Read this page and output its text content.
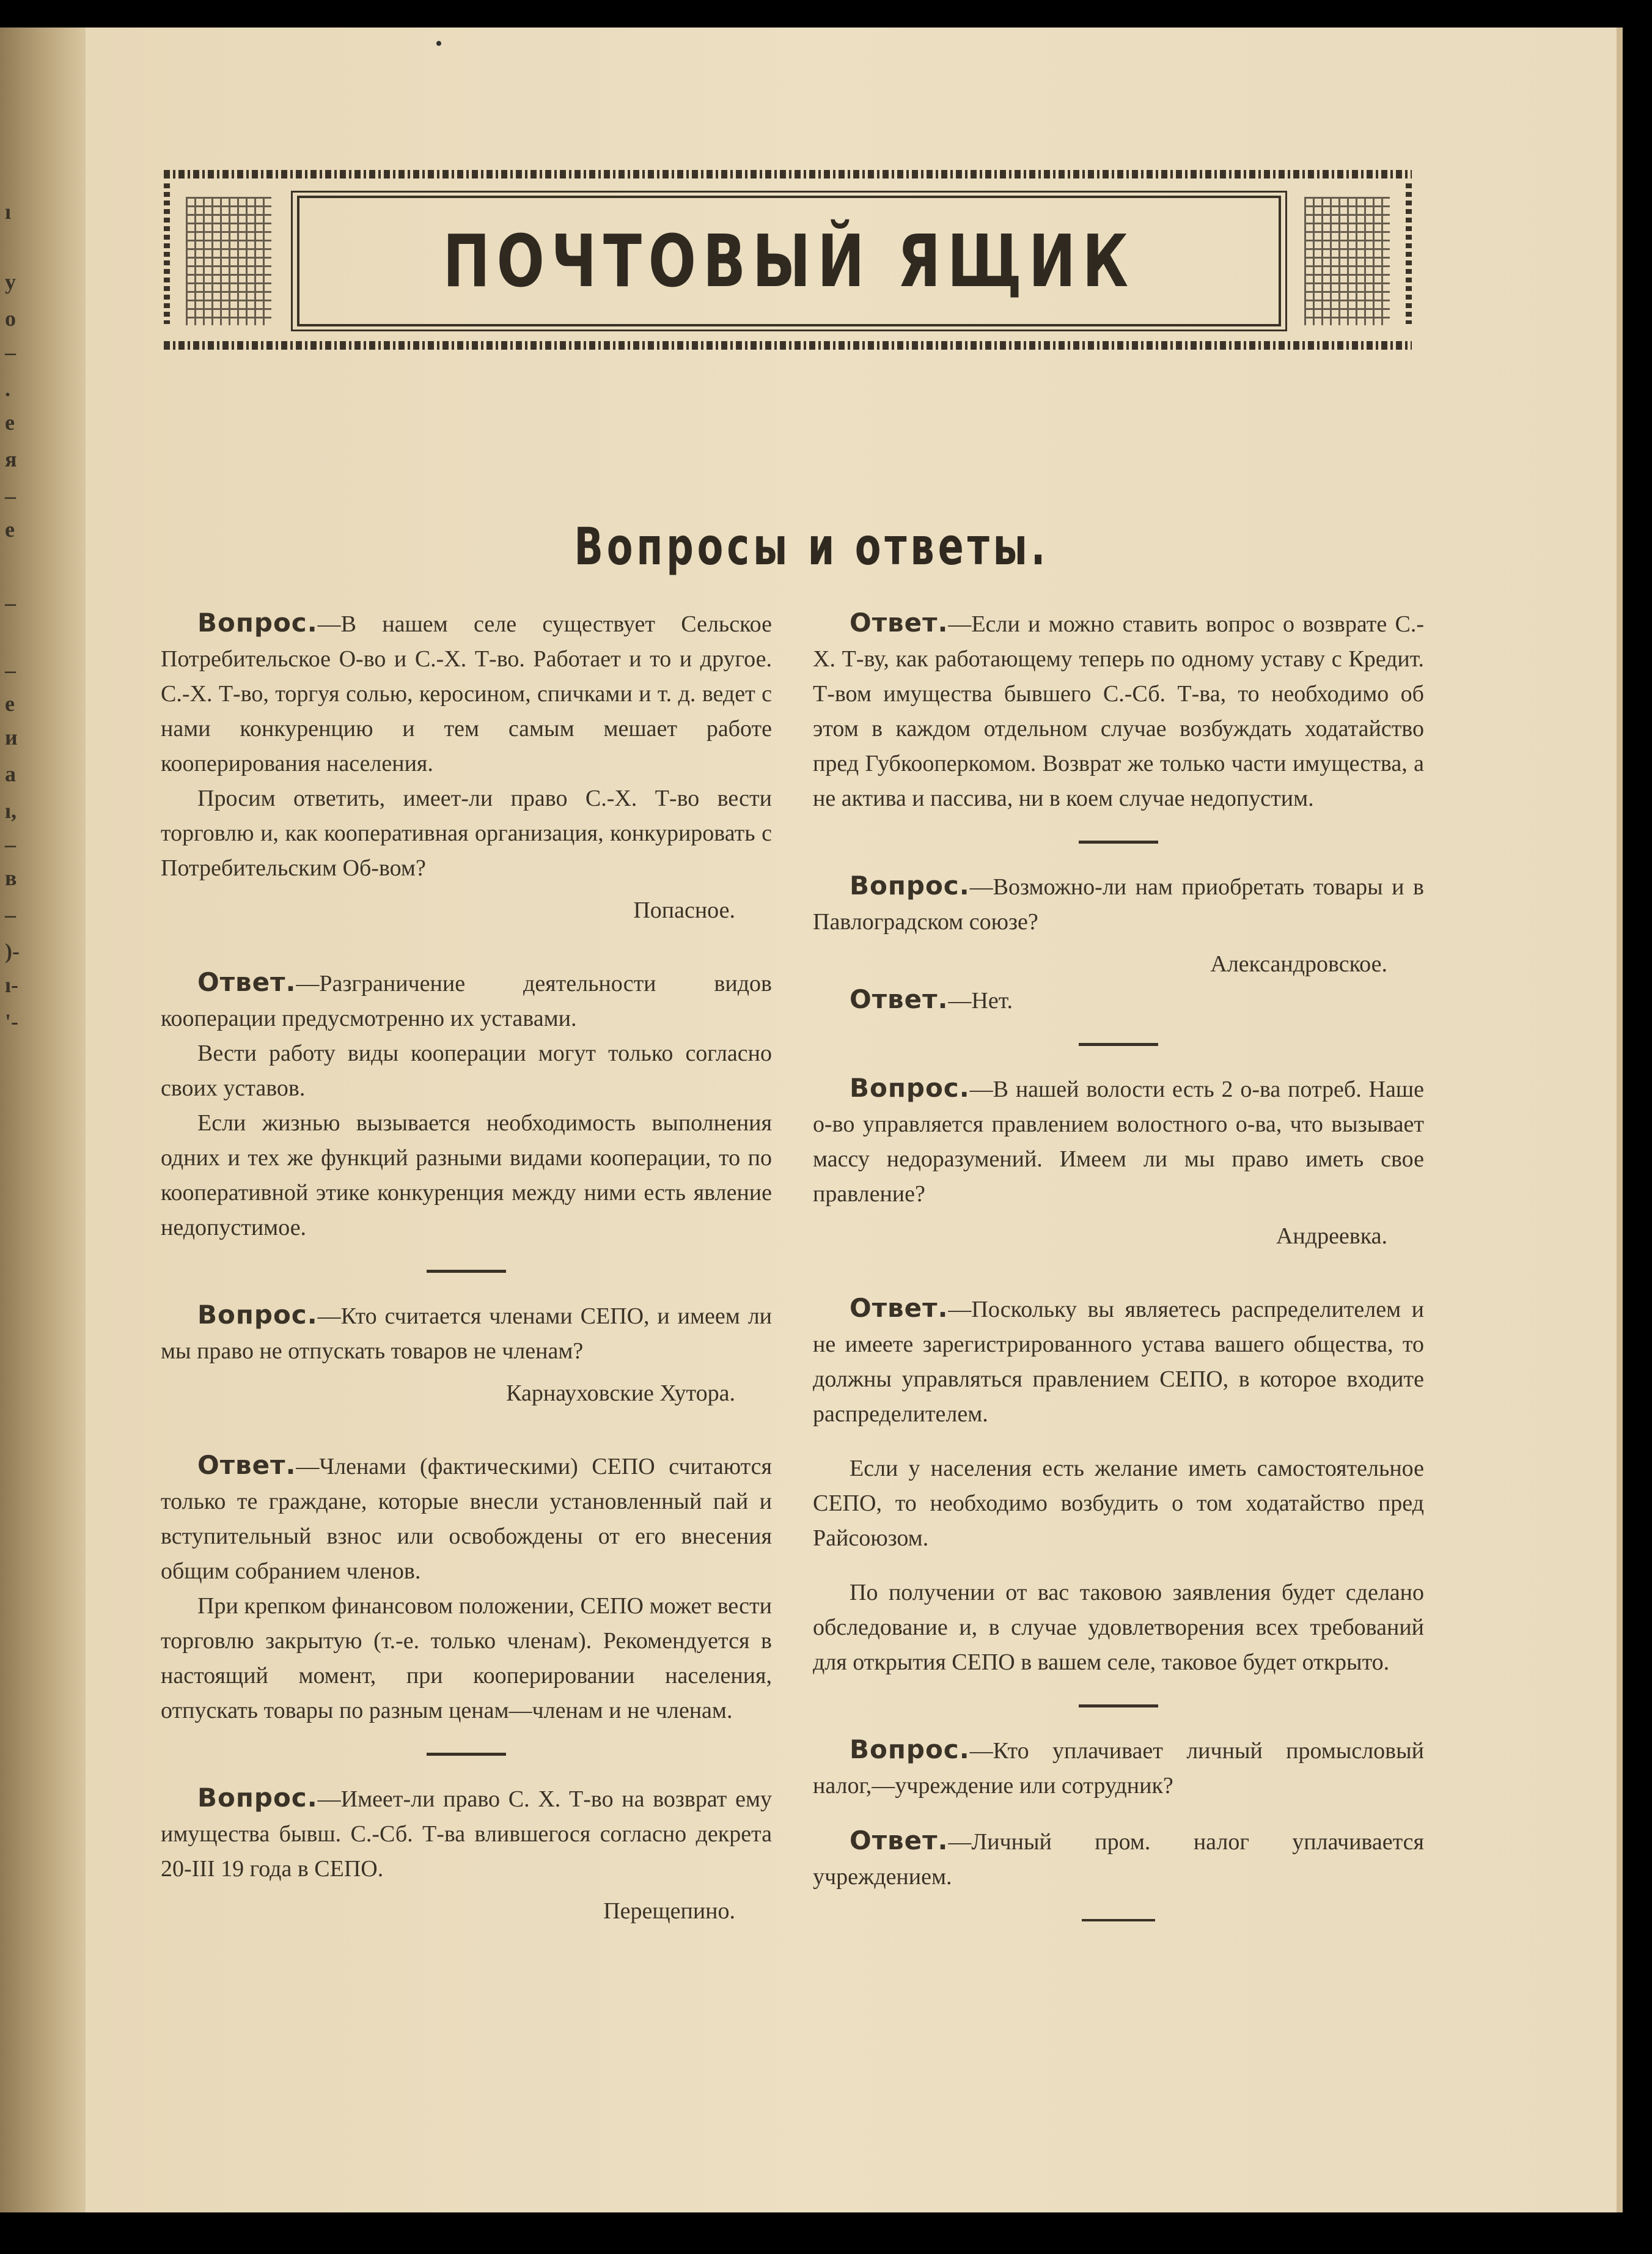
ı
y
o
–
.
e
я
–
e
–
–
e
и
а
ı,
–
в
–
)-
ı-
'-
•
ПОЧТОВЫЙ ЯЩИК
Вопросы и ответы.

Вопрос.—В нашем селе существует Сельское Потребительское О-во и С.-Х. Т-во. Работает и то и другое. С.-Х. Т-во, торгуя солью, керосином, спичками и т. д. ведет с нами конкуренцию и тем самым мешает работе кооперирования населения.

Просим ответить, имеет-ли право С.-Х. Т-во вести торговлю и, как кооперативная организация, конкурировать с Потребительским Об-вом?

Попасное.

Ответ.—Разграничение деятельности видов кооперации предусмотренно их уставами.

Вести работу виды кооперации могут только согласно своих уставов.

Если жизнью вызывается необходимость выполнения одних и тех же функций разными видами кооперации, то по кооперативной этике конкуренция между ними есть явление недопустимое.

Вопрос.—Кто считается членами СЕПО, и имеем ли мы право не отпускать товаров не членам?

Карнауховские Хутора.

Ответ.—Членами (фактическими) СЕПО считаются только те граждане, которые внесли установленный пай и вступительный взнос или освобождены от его внесения общим собранием членов.

При крепком финансовом положении, СЕПО может вести торговлю закрытую (т.-е. только членам). Рекомендуется в настоящий момент, при кооперировании населения, отпускать товары по разным ценам—членам и не членам.

Вопрос.—Имеет-ли право С. Х. Т-во на возврат ему имущества бывш. С.-Сб. Т-ва влившегося согласно декрета 20-III 19 года в СЕПО.

Перещепино.

Ответ.—Если и можно ставить вопрос о возврате С.-Х. Т-ву, как работающему теперь по одному уставу с Кредит. Т-вом имущества бывшего С.-Сб. Т-ва, то необходимо об этом в каждом отдельном случае возбуждать ходатайство пред Губкооперкомом. Возврат же только части имущества, а не актива и пассива, ни в коем случае недопустим.

Вопрос.—Возможно-ли нам приобретать товары и в Павлоградском союзе?

Александровское.

Ответ.—Нет.

Вопрос.—В нашей волости есть 2 о-ва потреб. Наше о-во управляется правлением волостного о-ва, что вызывает массу недоразумений. Имеем ли мы право иметь свое правление?

Андреевка.

Ответ.—Поскольку вы являетесь распределителем и не имеете зарегистрированного устава вашего общества, то должны управляться правлением СЕПО, в которое входите распределителем.

Если у населения есть желание иметь самостоятельное СЕПО, то необходимо возбудить о том ходатайство пред Райсоюзом.

По получении от вас таковою заявления будет сделано обследование и, в случае удовлетворения всех требований для открытия СЕПО в вашем селе, таковое будет открыто.

Вопрос.—Кто уплачивает личный промысловый налог,—учреждение или сотрудник?

Ответ.—Личный пром. налог уплачивается учреждением.
